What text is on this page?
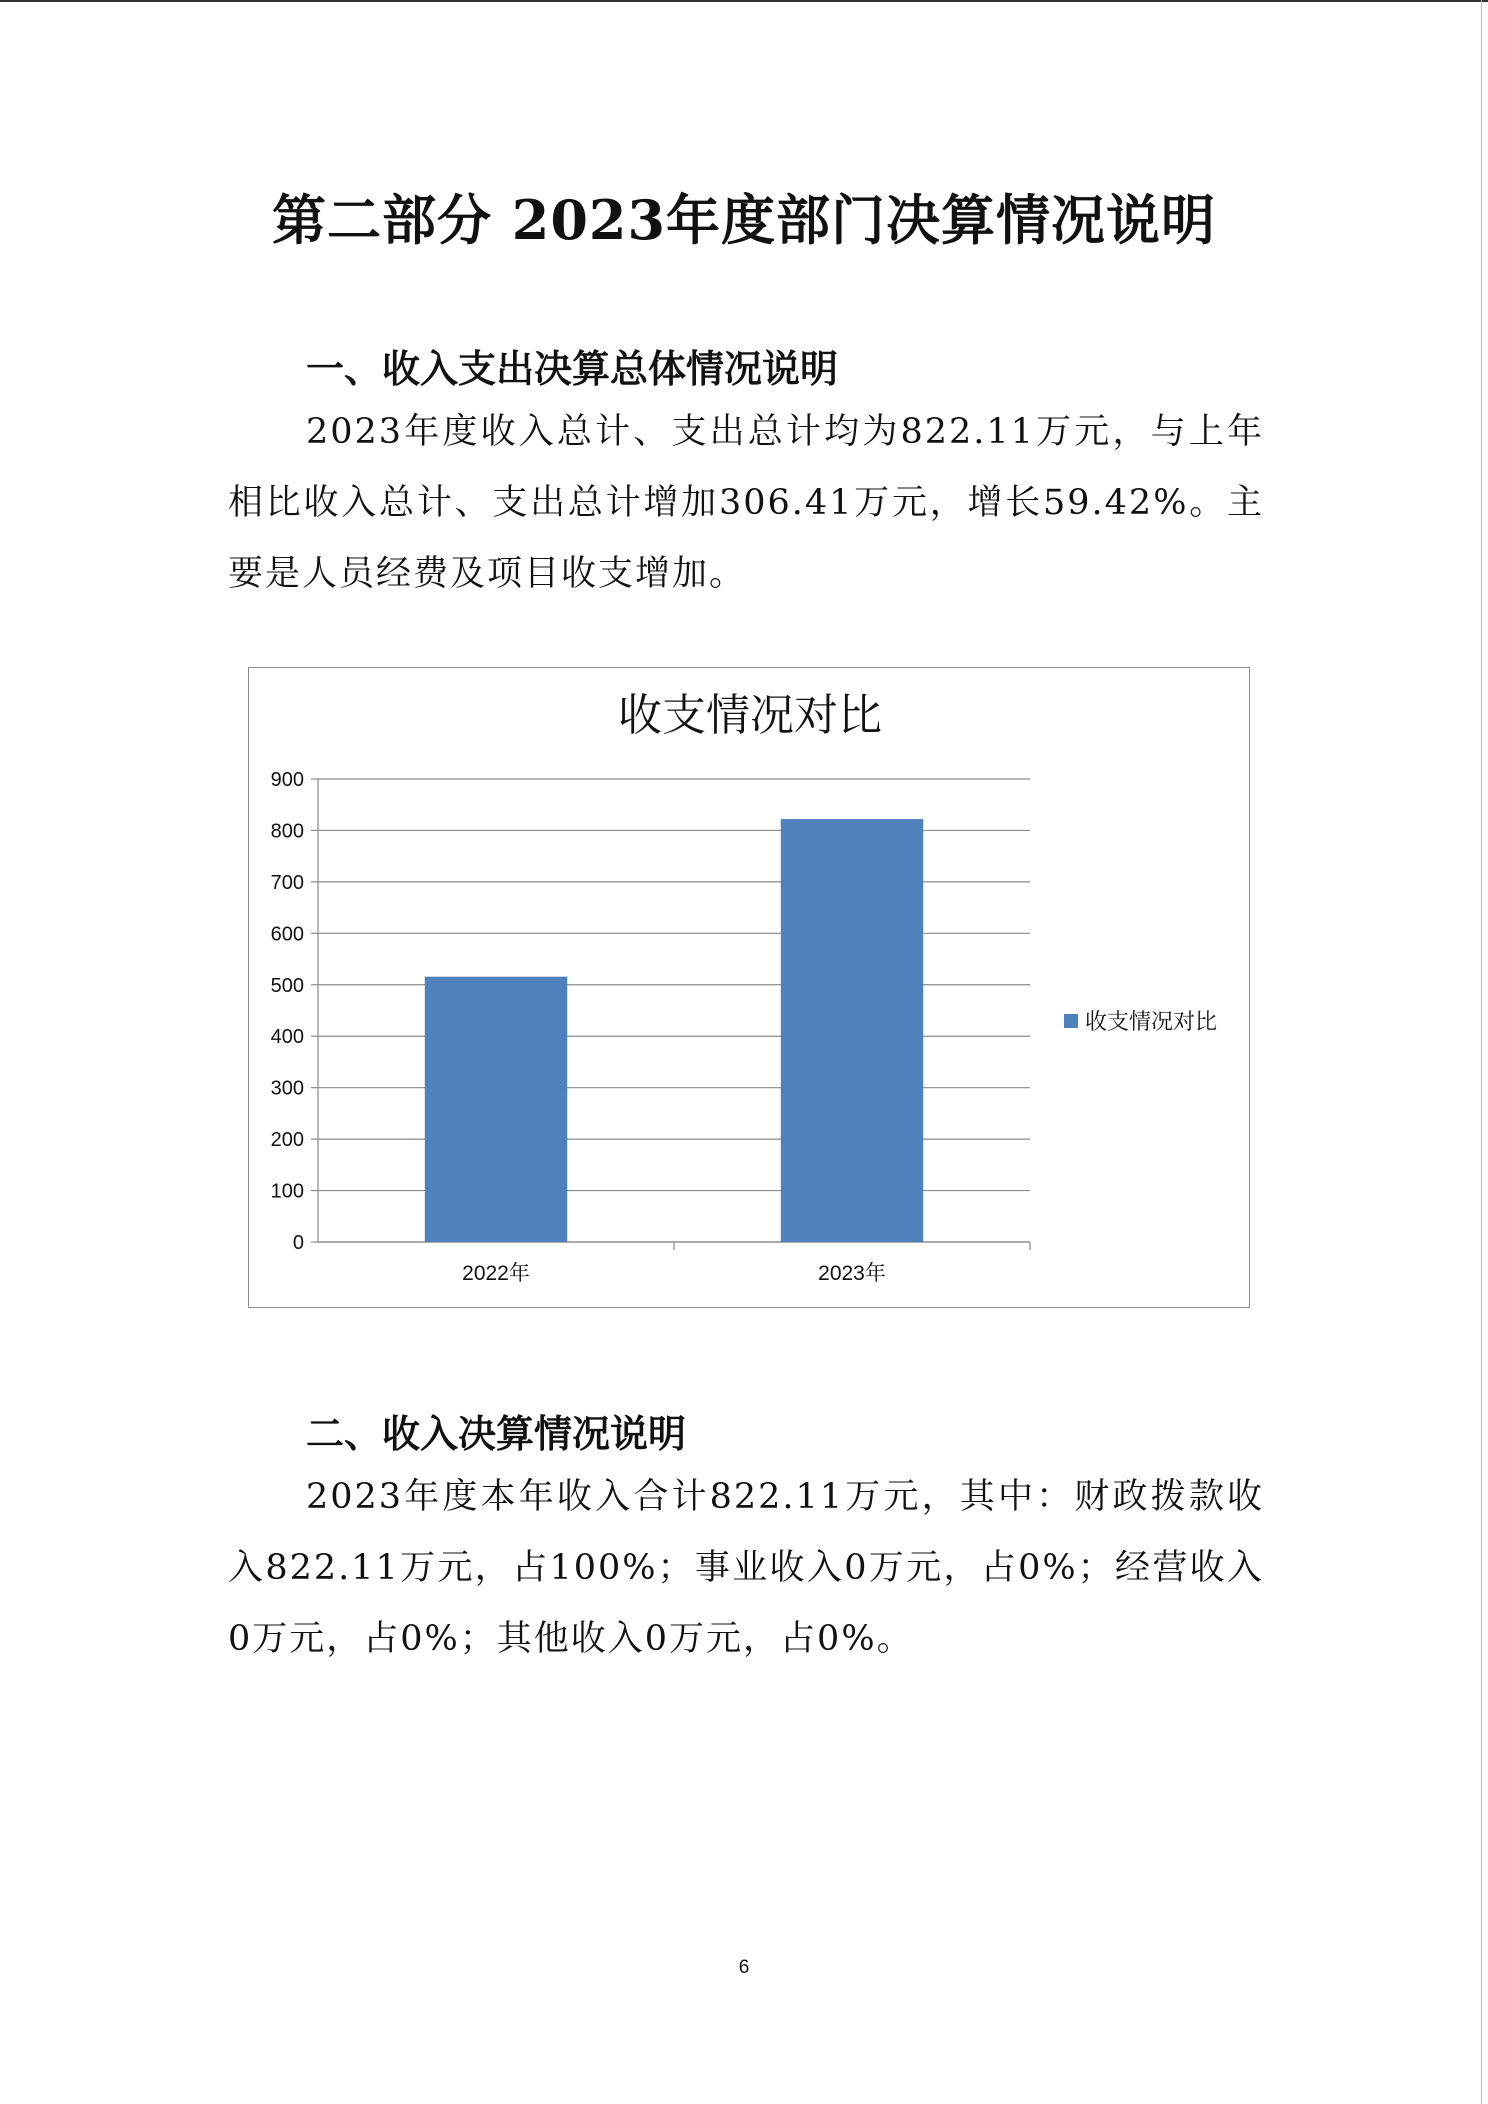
第二部分 2023年度部门决算情况说明
一、收入支出决算总体情况说明

2023年度收入总计、支出总计均为822.11万元，与上年相比收入总计、支出总计增加306.41万元，增长59.42%。主要是人员经费及项目收支增加。

收支情况对比
0
100
200
300
400
500
600
700
800
900
2022年	2023年
收支情况对比
二、收入决算情况说明

2023年度本年收入合计822.11万元，其中：财政拨款收入822.11万元，占100%；事业收入0万元，占0%；经营收入0万元，占0%；其他收入0万元，占0%。

6
